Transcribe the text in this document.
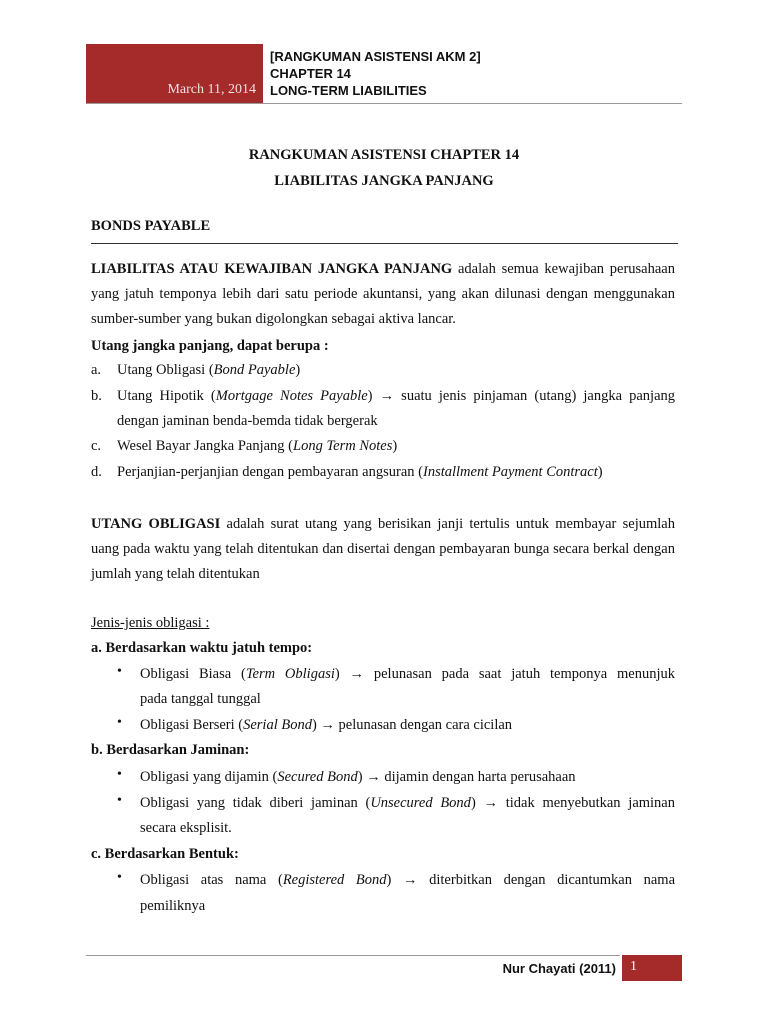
March 11, 2014
[RANGKUMAN ASISTENSI AKM 2]
CHAPTER 14
LONG-TERM LIABILITIES
RANGKUMAN ASISTENSI CHAPTER 14
LIABILITAS JANGKA PANJANG
BONDS PAYABLE
LIABILITAS ATAU KEWAJIBAN JANGKA PANJANG adalah semua kewajiban perusahaan yang jatuh temponya lebih dari satu periode akuntansi, yang akan dilunasi dengan menggunakan sumber-sumber yang bukan digolongkan sebagai aktiva lancar.
Utang jangka panjang, dapat berupa :
a. Utang Obligasi (Bond Payable)
b. Utang Hipotik (Mortgage Notes Payable) → suatu jenis pinjaman (utang) jangka panjang
dengan jaminan benda-bemda tidak bergerak
c. Wesel Bayar Jangka Panjang (Long Term Notes)
d. Perjanjian-perjanjian dengan pembayaran angsuran (Installment Payment Contract)
UTANG OBLIGASI adalah surat utang yang berisikan janji tertulis untuk membayar sejumlah uang pada waktu yang telah ditentukan dan disertai dengan pembayaran bunga secara berkal dengan jumlah yang telah ditentukan
Jenis-jenis obligasi :
a. Berdasarkan waktu jatuh tempo:
• Obligasi Biasa (Term Obligasi) → pelunasan pada saat jatuh temponya menunjuk
pada tanggal tunggal
• Obligasi Berseri (Serial Bond) → pelunasan dengan cara cicilan
b. Berdasarkan Jaminan:
• Obligasi yang dijamin (Secured Bond) → dijamin dengan harta perusahaan
• Obligasi yang tidak diberi jaminan (Unsecured Bond) → tidak menyebutkan jaminan
secara eksplisit.
c. Berdasarkan Bentuk:
• Obligasi atas nama (Registered Bond) → diterbitkan dengan dicantumkan nama
pemiliknya
Nur Chayati (2011) 1
